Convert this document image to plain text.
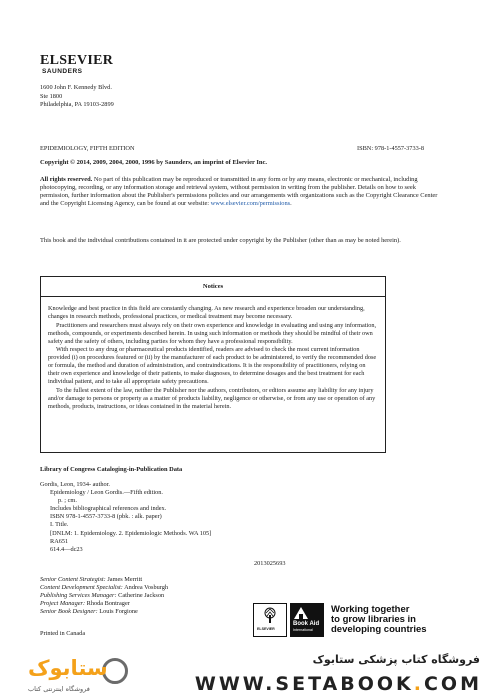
ELSEVIER
SAUNDERS
1600 John F. Kennedy Blvd.
Ste 1800
Philadelphia, PA 19103-2899
EPIDEMIOLOGY, FIFTH EDITION	ISBN: 978-1-4557-3733-8
Copyright © 2014, 2009, 2004, 2000, 1996 by Saunders, an imprint of Elsevier Inc.
All rights reserved. No part of this publication may be reproduced or transmitted in any form or by any means, electronic or mechanical, including photocopying, recording, or any information storage and retrieval system, without permission in writing from the publisher. Details on how to seek permission, further information about the Publisher's permissions policies and our arrangements with organizations such as the Copyright Clearance Center and the Copyright Licensing Agency, can be found at our website: www.elsevier.com/permissions.
This book and the individual contributions contained in it are protected under copyright by the Publisher (other than as may be noted herein).
Notices

Knowledge and best practice in this field are constantly changing. As new research and experience broaden our understanding, changes in research methods, professional practices, or medical treatment may become necessary.

Practitioners and researchers must always rely on their own experience and knowledge in evaluating and using any information, methods, compounds, or experiments described herein. In using such information or methods they should be mindful of their own safety and the safety of others, including parties for whom they have a professional responsibility.

With respect to any drug or pharmaceutical products identified, readers are advised to check the most current information provided (i) on procedures featured or (ii) by the manufacturer of each product to be administered, to verify the recommended dose or formula, the method and duration of administration, and contraindications. It is the responsibility of practitioners, relying on their own experience and knowledge of their patients, to make diagnoses, to determine dosages and the best treatment for each individual patient, and to take all appropriate safety precautions.

To the fullest extent of the law, neither the Publisher nor the authors, contributors, or editors assume any liability for any injury and/or damage to persons or property as a matter of products liability, negligence or otherwise, or from any use or operation of any methods, products, instructions, or ideas contained in the material herein.

Library of Congress Cataloging-in-Publication Data
Gordis, Leon, 1934- author.
Epidemiology / Leon Gordis.—Fifth edition.
p. ; cm.
Includes bibliographical references and index.
ISBN 978-1-4557-3733-8 (pbk. : alk. paper)
I. Title.
[DNLM: 1. Epidemiology. 2. Epidemiologic Methods. WA 105]
RA651
614.4—dc23
2013025693
Senior Content Strategist: James Merritt
Content Development Specialist: Andrea Vosburgh
Publishing Services Manager: Catherine Jackson
Project Manager: Rhoda Bontrager
Senior Book Designer: Louis Forgione
Printed in Canada
ELSEVIER
Book Aid
International
Working together
to grow libraries in
developing countries
ستابوک
فروشگاه اینترنتی کتاب
فروشگاه کتاب پزشکی ستابوک
WWW.SETABOOK.COM
